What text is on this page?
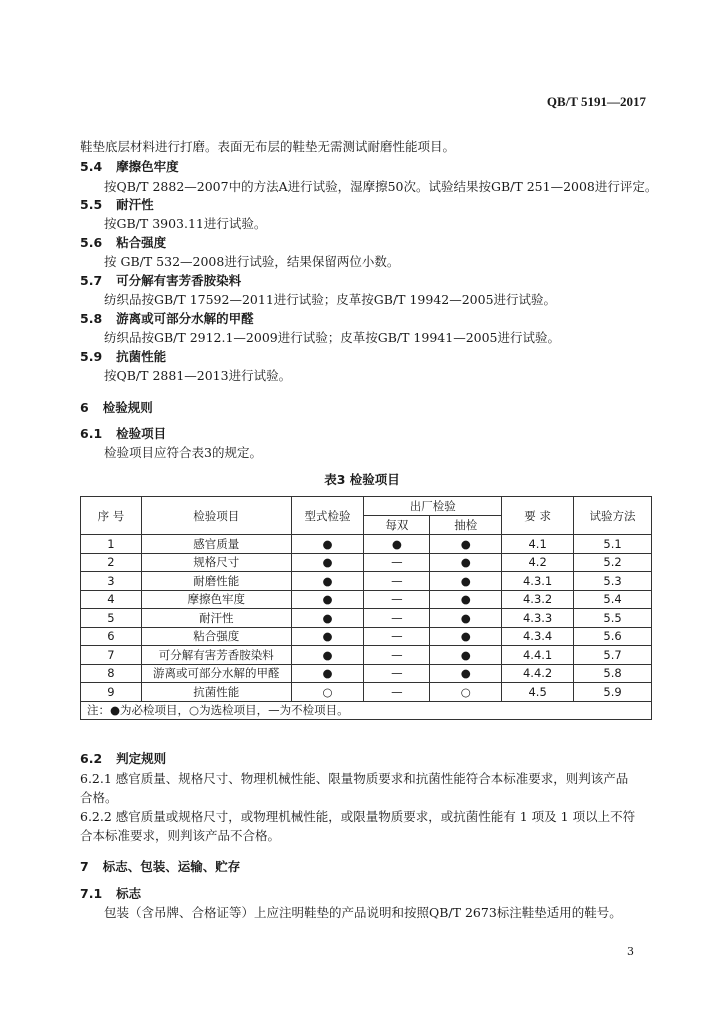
QB/T 5191—2017
鞋垫底层材料进行打磨。表面无布层的鞋垫无需测试耐磨性能项目。
5.4 摩擦色牢度
按QB/T 2882—2007中的方法A进行试验，湿摩擦50次。试验结果按GB/T 251—2008进行评定。
5.5 耐汗性
按GB/T 3903.11进行试验。
5.6 粘合强度
按 GB/T 532—2008进行试验，结果保留两位小数。
5.7 可分解有害芳香胺染料
纺织品按GB/T 17592—2011进行试验；皮革按GB/T 19942—2005进行试验。
5.8 游离或可部分水解的甲醛
纺织品按GB/T 2912.1—2009进行试验；皮革按GB/T 19941—2005进行试验。
5.9 抗菌性能
按QB/T 2881—2013进行试验。
6 检验规则
6.1 检验项目
检验项目应符合表3的规定。
表3 检验项目
序 号	检验项目	型式检验	出厂检验		要 求	试验方法
			每双	抽检		
1	感官质量	●	●	●	4.1	5.1
2	规格尺寸	●	—	●	4.2	5.2
3	耐磨性能	●	—	●	4.3.1	5.3
4	摩擦色牢度	●	—	●	4.3.2	5.4
5	耐汗性	●	—	●	4.3.3	5.5
6	粘合强度	●	—	●	4.3.4	5.6
7	可分解有害芳香胺染料	●	—	●	4.4.1	5.7
8	游离或可部分水解的甲醛	●	—	●	4.4.2	5.8
9	抗菌性能	○	—	○	4.5	5.9
注：●为必检项目，○为选检项目，—为不检项目。						
6.2 判定规则
6.2.1 感官质量、规格尺寸、物理机械性能、限量物质要求和抗菌性能符合本标准要求，则判该产品
合格。
6.2.2 感官质量或规格尺寸，或物理机械性能，或限量物质要求，或抗菌性能有 1 项及 1 项以上不符
合本标准要求，则判该产品不合格。
7 标志、包装、运输、贮存
7.1 标志
包装（含吊牌、合格证等）上应注明鞋垫的产品说明和按照QB/T 2673标注鞋垫适用的鞋号。
3
